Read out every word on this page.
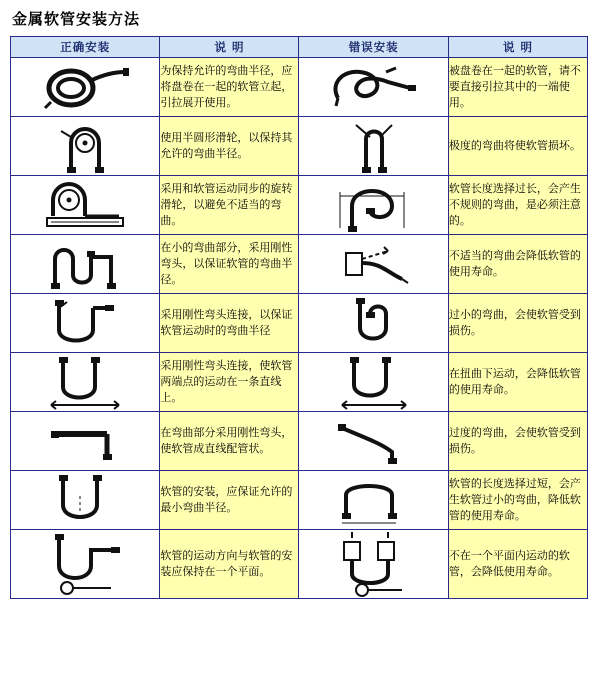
金属软管安装方法
正确安装	说 明	错误安装	说 明

	为保持允许的弯曲半径，应将盘卷在一起的软管立起，引拉展开使用。		被盘卷在一起的软管，请不要直接引拉其中的一端使用。

	使用半圆形滑轮，以保持其允许的弯曲半径。		极度的弯曲将使软管损坏。

	采用和软管运动同步的旋转滑轮，以避免不适当的弯曲。		软管长度选择过长，会产生不规则的弯曲，是必须注意的。

	在小的弯曲部分，采用刚性弯头，以保证软管的弯曲半径。		不适当的弯曲会降低软管的使用寿命。

	采用刚性弯头连接，以保证软管运动时的弯曲半径		过小的弯曲，会使软管受到损伤。

	采用刚性弯头连接，使软管两端点的运动在一条直线上。		在扭曲下运动，会降低软管的使用寿命。

	在弯曲部分采用刚性弯头，使软管成直线配管状。		过度的弯曲，会使软管受到损伤。

	软管的安装，应保证允许的最小弯曲半径。		软管的长度选择过短，会产生软管过小的弯曲，降低软管的使用寿命。

	软管的运动方向与软管的安装应保持在一个平面。		不在一个平面内运动的软管，会降低使用寿命。
